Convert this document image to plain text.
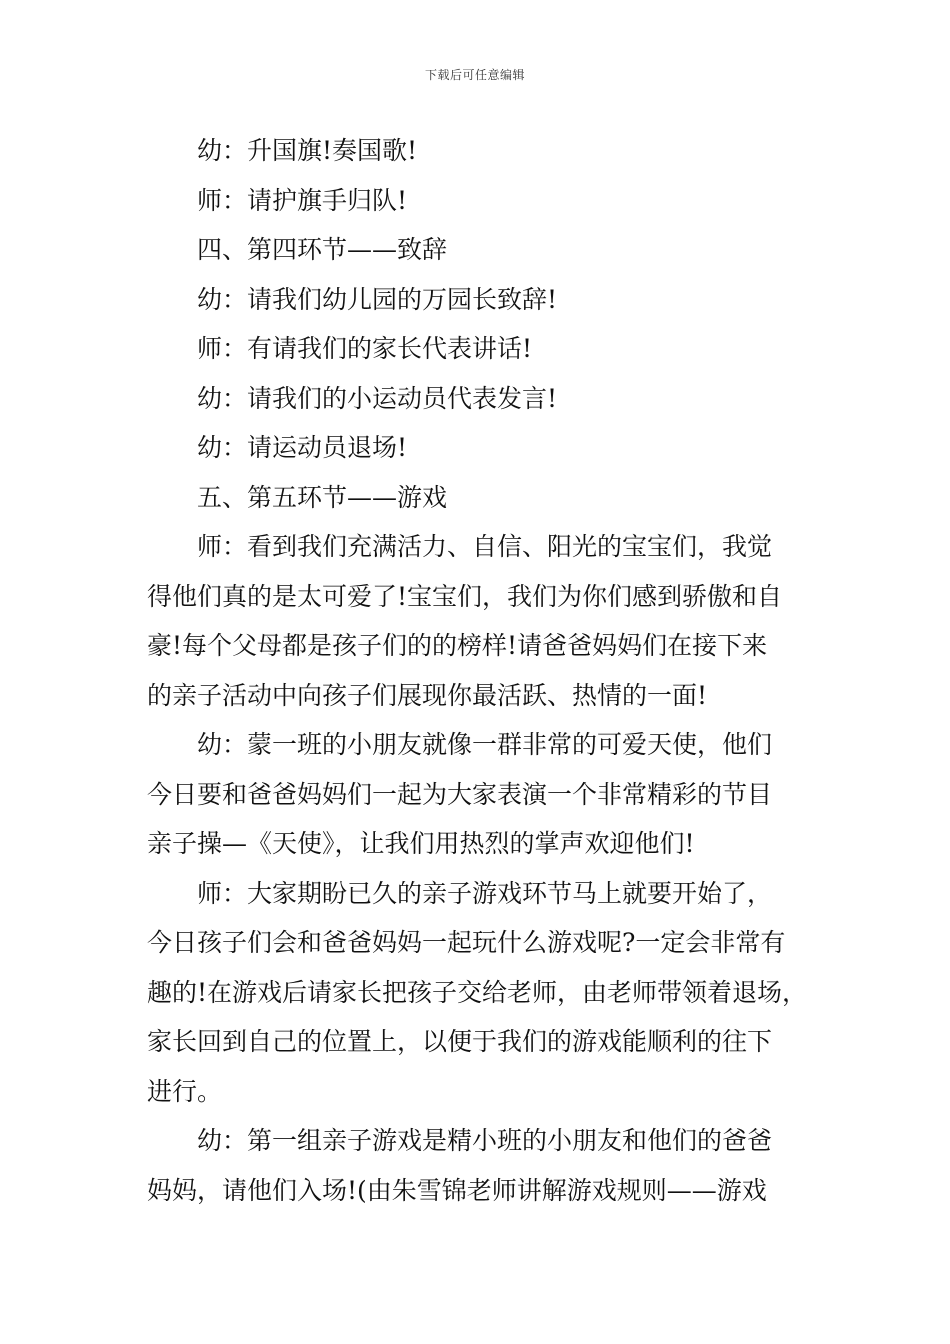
下载后可任意编辑

幼：升国旗!奏国歌!

师：请护旗手归队!

四、第四环节——致辞

幼：请我们幼儿园的万园长致辞!

师：有请我们的家长代表讲话!

幼：请我们的小运动员代表发言!

幼：请运动员退场!

五、第五环节——游戏

师：看到我们充满活力、自信、阳光的宝宝们，我觉

得他们真的是太可爱了!宝宝们，我们为你们感到骄傲和自

豪!每个父母都是孩子们的的榜样!请爸爸妈妈们在接下来

的亲子活动中向孩子们展现你最活跃、热情的一面!

幼：蒙一班的小朋友就像一群非常的可爱天使，他们

今日要和爸爸妈妈们一起为大家表演一个非常精彩的节目

亲子操—《天使》，让我们用热烈的掌声欢迎他们!

师：大家期盼已久的亲子游戏环节马上就要开始了，

今日孩子们会和爸爸妈妈一起玩什么游戏呢?一定会非常有

趣的!在游戏后请家长把孩子交给老师，由老师带领着退场，

家长回到自己的位置上，以便于我们的游戏能顺利的往下

进行。

幼：第一组亲子游戏是精小班的小朋友和他们的爸爸

妈妈，请他们入场!(由朱雪锦老师讲解游戏规则——游戏
